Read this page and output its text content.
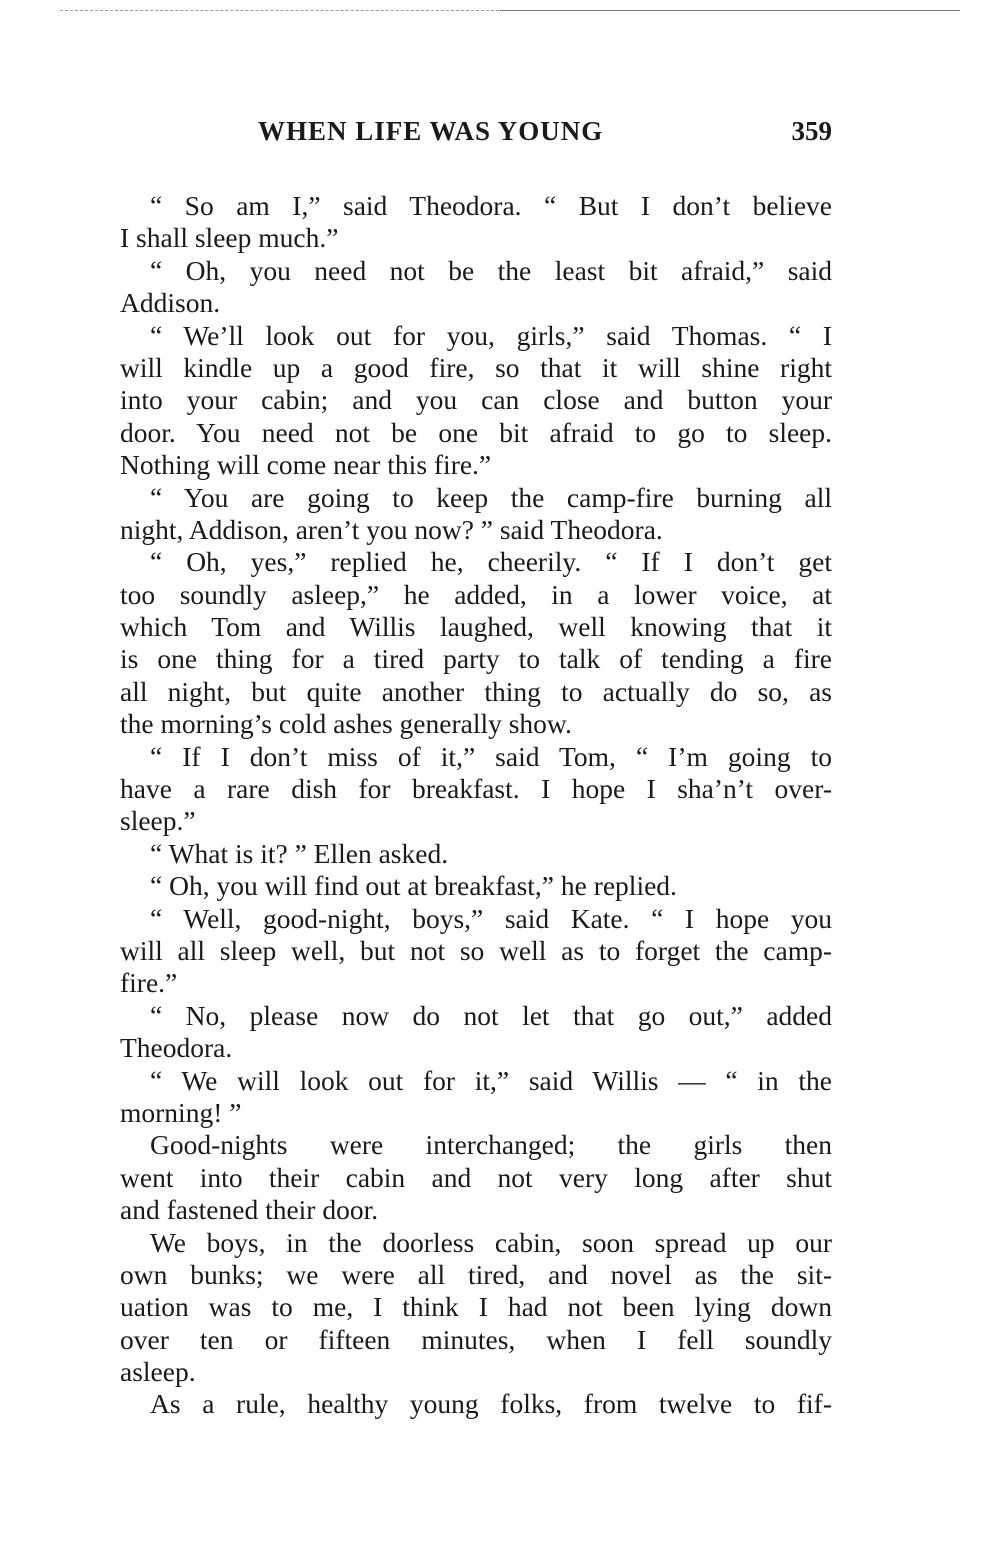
WHEN LIFE WAS YOUNG	359
“ So am I,” said Theodora. “ But I don’t believe
I shall sleep much.”
“ Oh, you need not be the least bit afraid,” said
Addison.
“ We’ll look out for you, girls,” said Thomas. “ I
will kindle up a good fire, so that it will shine right
into your cabin; and you can close and button your
door. You need not be one bit afraid to go to sleep.
Nothing will come near this fire.”
“ You are going to keep the camp-fire burning all
night, Addison, aren’t you now? ” said Theodora.
“ Oh, yes,” replied he, cheerily. “ If I don’t get
too soundly asleep,” he added, in a lower voice, at
which Tom and Willis laughed, well knowing that it
is one thing for a tired party to talk of tending a fire
all night, but quite another thing to actually do so, as
the morning’s cold ashes generally show.
“ If I don’t miss of it,” said Tom, “ I’m going to
have a rare dish for breakfast. I hope I sha’n’t over-
sleep.”
“ What is it? ” Ellen asked.
“ Oh, you will find out at breakfast,” he replied.
“ Well, good-night, boys,” said Kate. “ I hope you
will all sleep well, but not so well as to forget the camp-
fire.”
“ No, please now do not let that go out,” added
Theodora.
“ We will look out for it,” said Willis — “ in the
morning! ”
Good-nights were interchanged; the girls then
went into their cabin and not very long after shut
and fastened their door.
We boys, in the doorless cabin, soon spread up our
own bunks; we were all tired, and novel as the sit-
uation was to me, I think I had not been lying down
over ten or fifteen minutes, when I fell soundly
asleep.
As a rule, healthy young folks, from twelve to fif-
